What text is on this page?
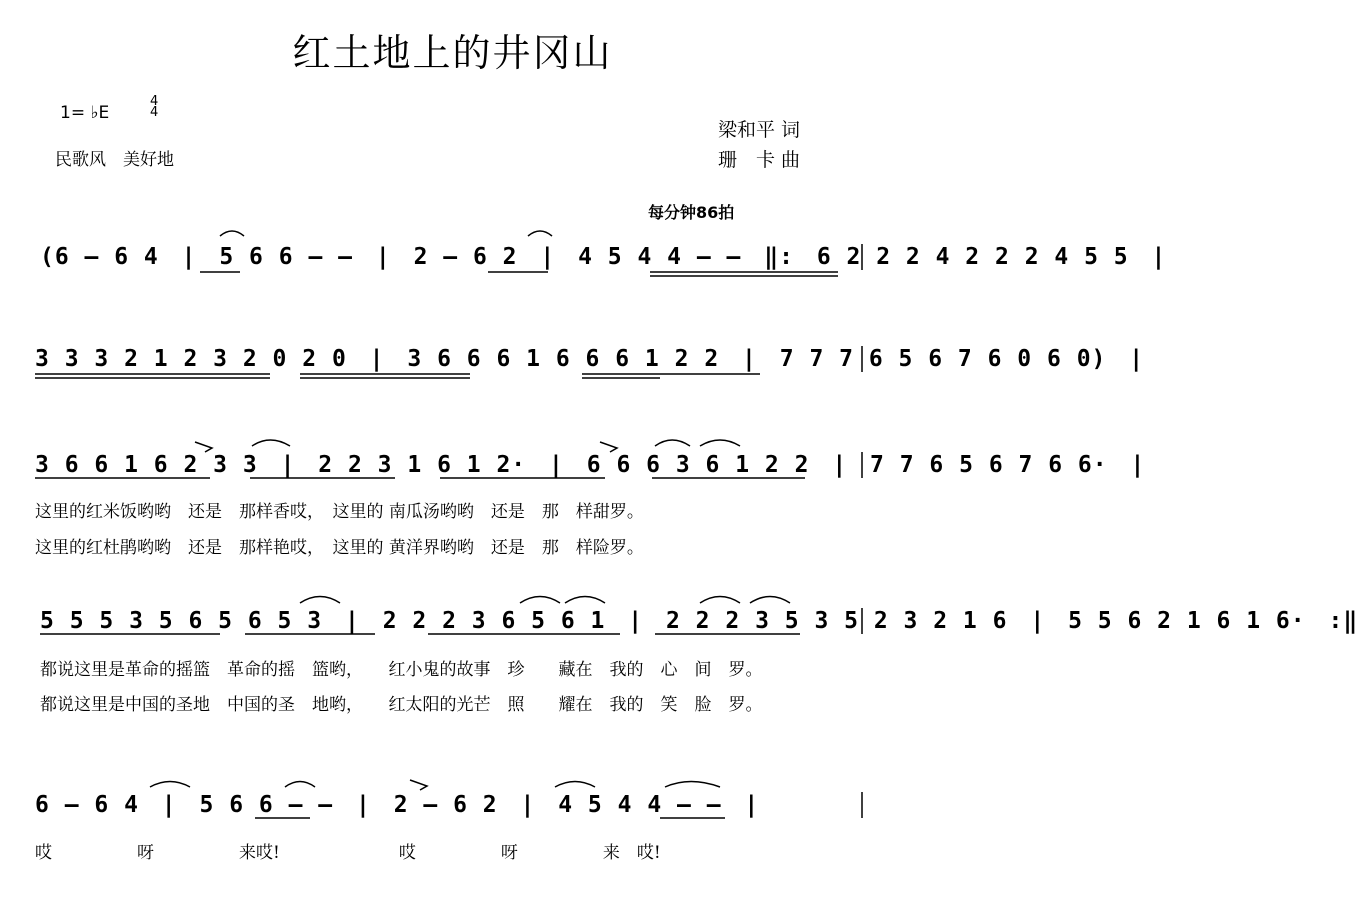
红土地上的井冈山
1= ♭E
4
4
民歌风　美好地
梁和平 词
珊　卡 曲
每分钟86拍
(6 — 6 4 | 5 6 6 — — | 2 — 6 2 | 4 5 4 4 — — ‖: 6 2 2 2 4 2 2 2 4 5 5 |
3 3 3 2 1 2 3 2 0 2 0 | 3 6 6 6 1 6 6 6 1 2 2 | 7 7 7 6 5 6 7 6 0 6 0) |
3 6 6 1 6 2 3 3 | 2 2 3 1 6 1 2· | 6 6 6 3 6 1 2 2 | 7 7 6 5 6 7 6 6· |
这里的红米饭哟哟　还是　那样香哎，　这里的 南瓜汤哟哟　还是　那　样甜罗。
这里的红杜鹃哟哟　还是　那样艳哎，　这里的 黄洋界哟哟　还是　那　样险罗。
5 5 5 3 5 6 5 6 5 3 | 2 2 2 3 6 5 6 1 | 2 2 2 3 5 3 5 2 3 2 1 6 | 5 5 6 2 1 6 1 6· :‖
都说这里是革命的摇篮　革命的摇　篮哟，　　红小鬼的故事　珍　　藏在　我的　心　间　罗。
都说这里是中国的圣地　中国的圣　地哟，　　红太阳的光芒　照　　耀在　我的　笑　脸　罗。
6 — 6 4 | 5 6 6 — — | 2 — 6 2 | 4 5 4 4 — — |
哎　　　　　呀　　　　　来哎!　　　　　　　哎　　　　　呀　　　　　来　哎!
